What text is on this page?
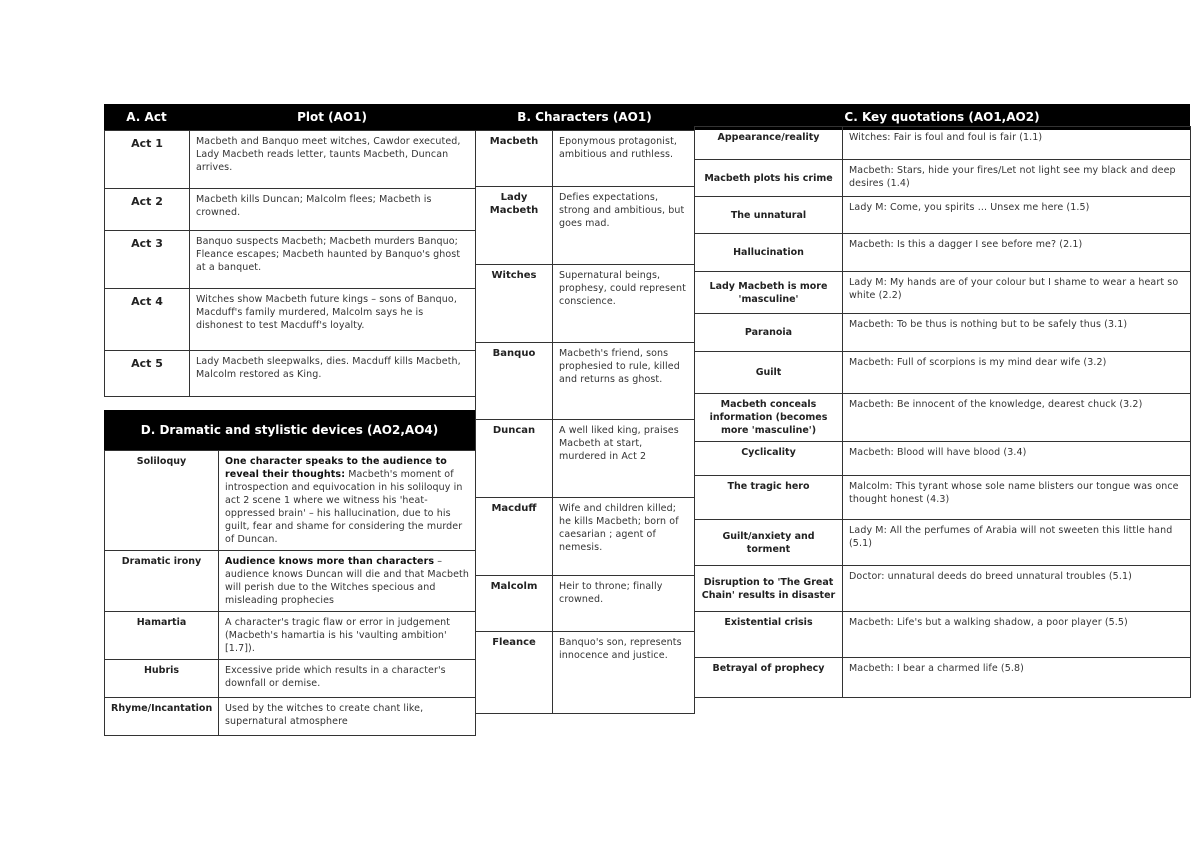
A. Act	Plot (AO1)
Act 1	Macbeth and Banquo meet witches, Cawdor executed, Lady Macbeth reads letter, taunts Macbeth, Duncan arrives.
Act 2	Macbeth kills Duncan; Malcolm flees; Macbeth is crowned.
Act 3	Banquo suspects Macbeth; Macbeth murders Banquo; Fleance escapes; Macbeth haunted by Banquo's ghost at a banquet.
Act 4	Witches show Macbeth future kings – sons of Banquo, Macduff's family murdered, Malcolm says he is dishonest to test Macduff's loyalty.
Act 5	Lady Macbeth sleepwalks, dies. Macduff kills Macbeth, Malcolm restored as King.
D. Dramatic and stylistic devices (AO2,AO4)
Soliloquy	One character speaks to the audience to reveal their thoughts: Macbeth's moment of introspection and equivocation in his soliloquy in act 2 scene 1 where we witness his 'heat-oppressed brain' – his hallucination, due to his guilt, fear and shame for considering the murder of Duncan.
Dramatic irony	Audience knows more than characters – audience knows Duncan will die and that Macbeth will perish due to the Witches specious and misleading prophecies
Hamartia	A character's tragic flaw or error in judgement (Macbeth's hamartia is his 'vaulting ambition' [1.7]).
Hubris	Excessive pride which results in a character's downfall or demise.
Rhyme/Incantation	Used by the witches to create chant like, supernatural atmosphere
B. Characters (AO1)
Macbeth	Eponymous protagonist, ambitious and ruthless.
Lady Macbeth	Defies expectations, strong and ambitious, but goes mad.
Witches	Supernatural beings, prophesy, could represent conscience.
Banquo	Macbeth's friend, sons prophesied to rule, killed and returns as ghost.
Duncan	A well liked king, praises Macbeth at start, murdered in Act 2
Macduff	Wife and children killed; he kills Macbeth; born of caesarian ; agent of nemesis.
Malcolm	Heir to throne; finally crowned.
Fleance	Banquo's son, represents innocence and justice.
C. Key quotations (AO1,AO2)
Appearance/reality	Witches: Fair is foul and foul is fair (1.1)
Macbeth plots his crime	Macbeth: Stars, hide your fires/Let not light see my black and deep desires (1.4)
The unnatural	Lady M: Come, you spirits ... Unsex me here (1.5)
Hallucination	Macbeth: Is this a dagger I see before me? (2.1)
Lady Macbeth is more 'masculine'	Lady M: My hands are of your colour but I shame to wear a heart so white (2.2)
Paranoia	Macbeth: To be thus is nothing but to be safely thus (3.1)
Guilt	Macbeth: Full of scorpions is my mind dear wife (3.2)
Macbeth conceals information (becomes more 'masculine')	Macbeth: Be innocent of the knowledge, dearest chuck (3.2)
Cyclicality	Macbeth: Blood will have blood (3.4)
The tragic hero	Malcolm: This tyrant whose sole name blisters our tongue was once thought honest (4.3)
Guilt/anxiety and torment	Lady M: All the perfumes of Arabia will not sweeten this little hand (5.1)
Disruption to 'The Great Chain' results in disaster	Doctor: unnatural deeds do breed unnatural troubles (5.1)
Existential crisis	Macbeth: Life's but a walking shadow, a poor player (5.5)
Betrayal of prophecy	Macbeth: I bear a charmed life (5.8)
